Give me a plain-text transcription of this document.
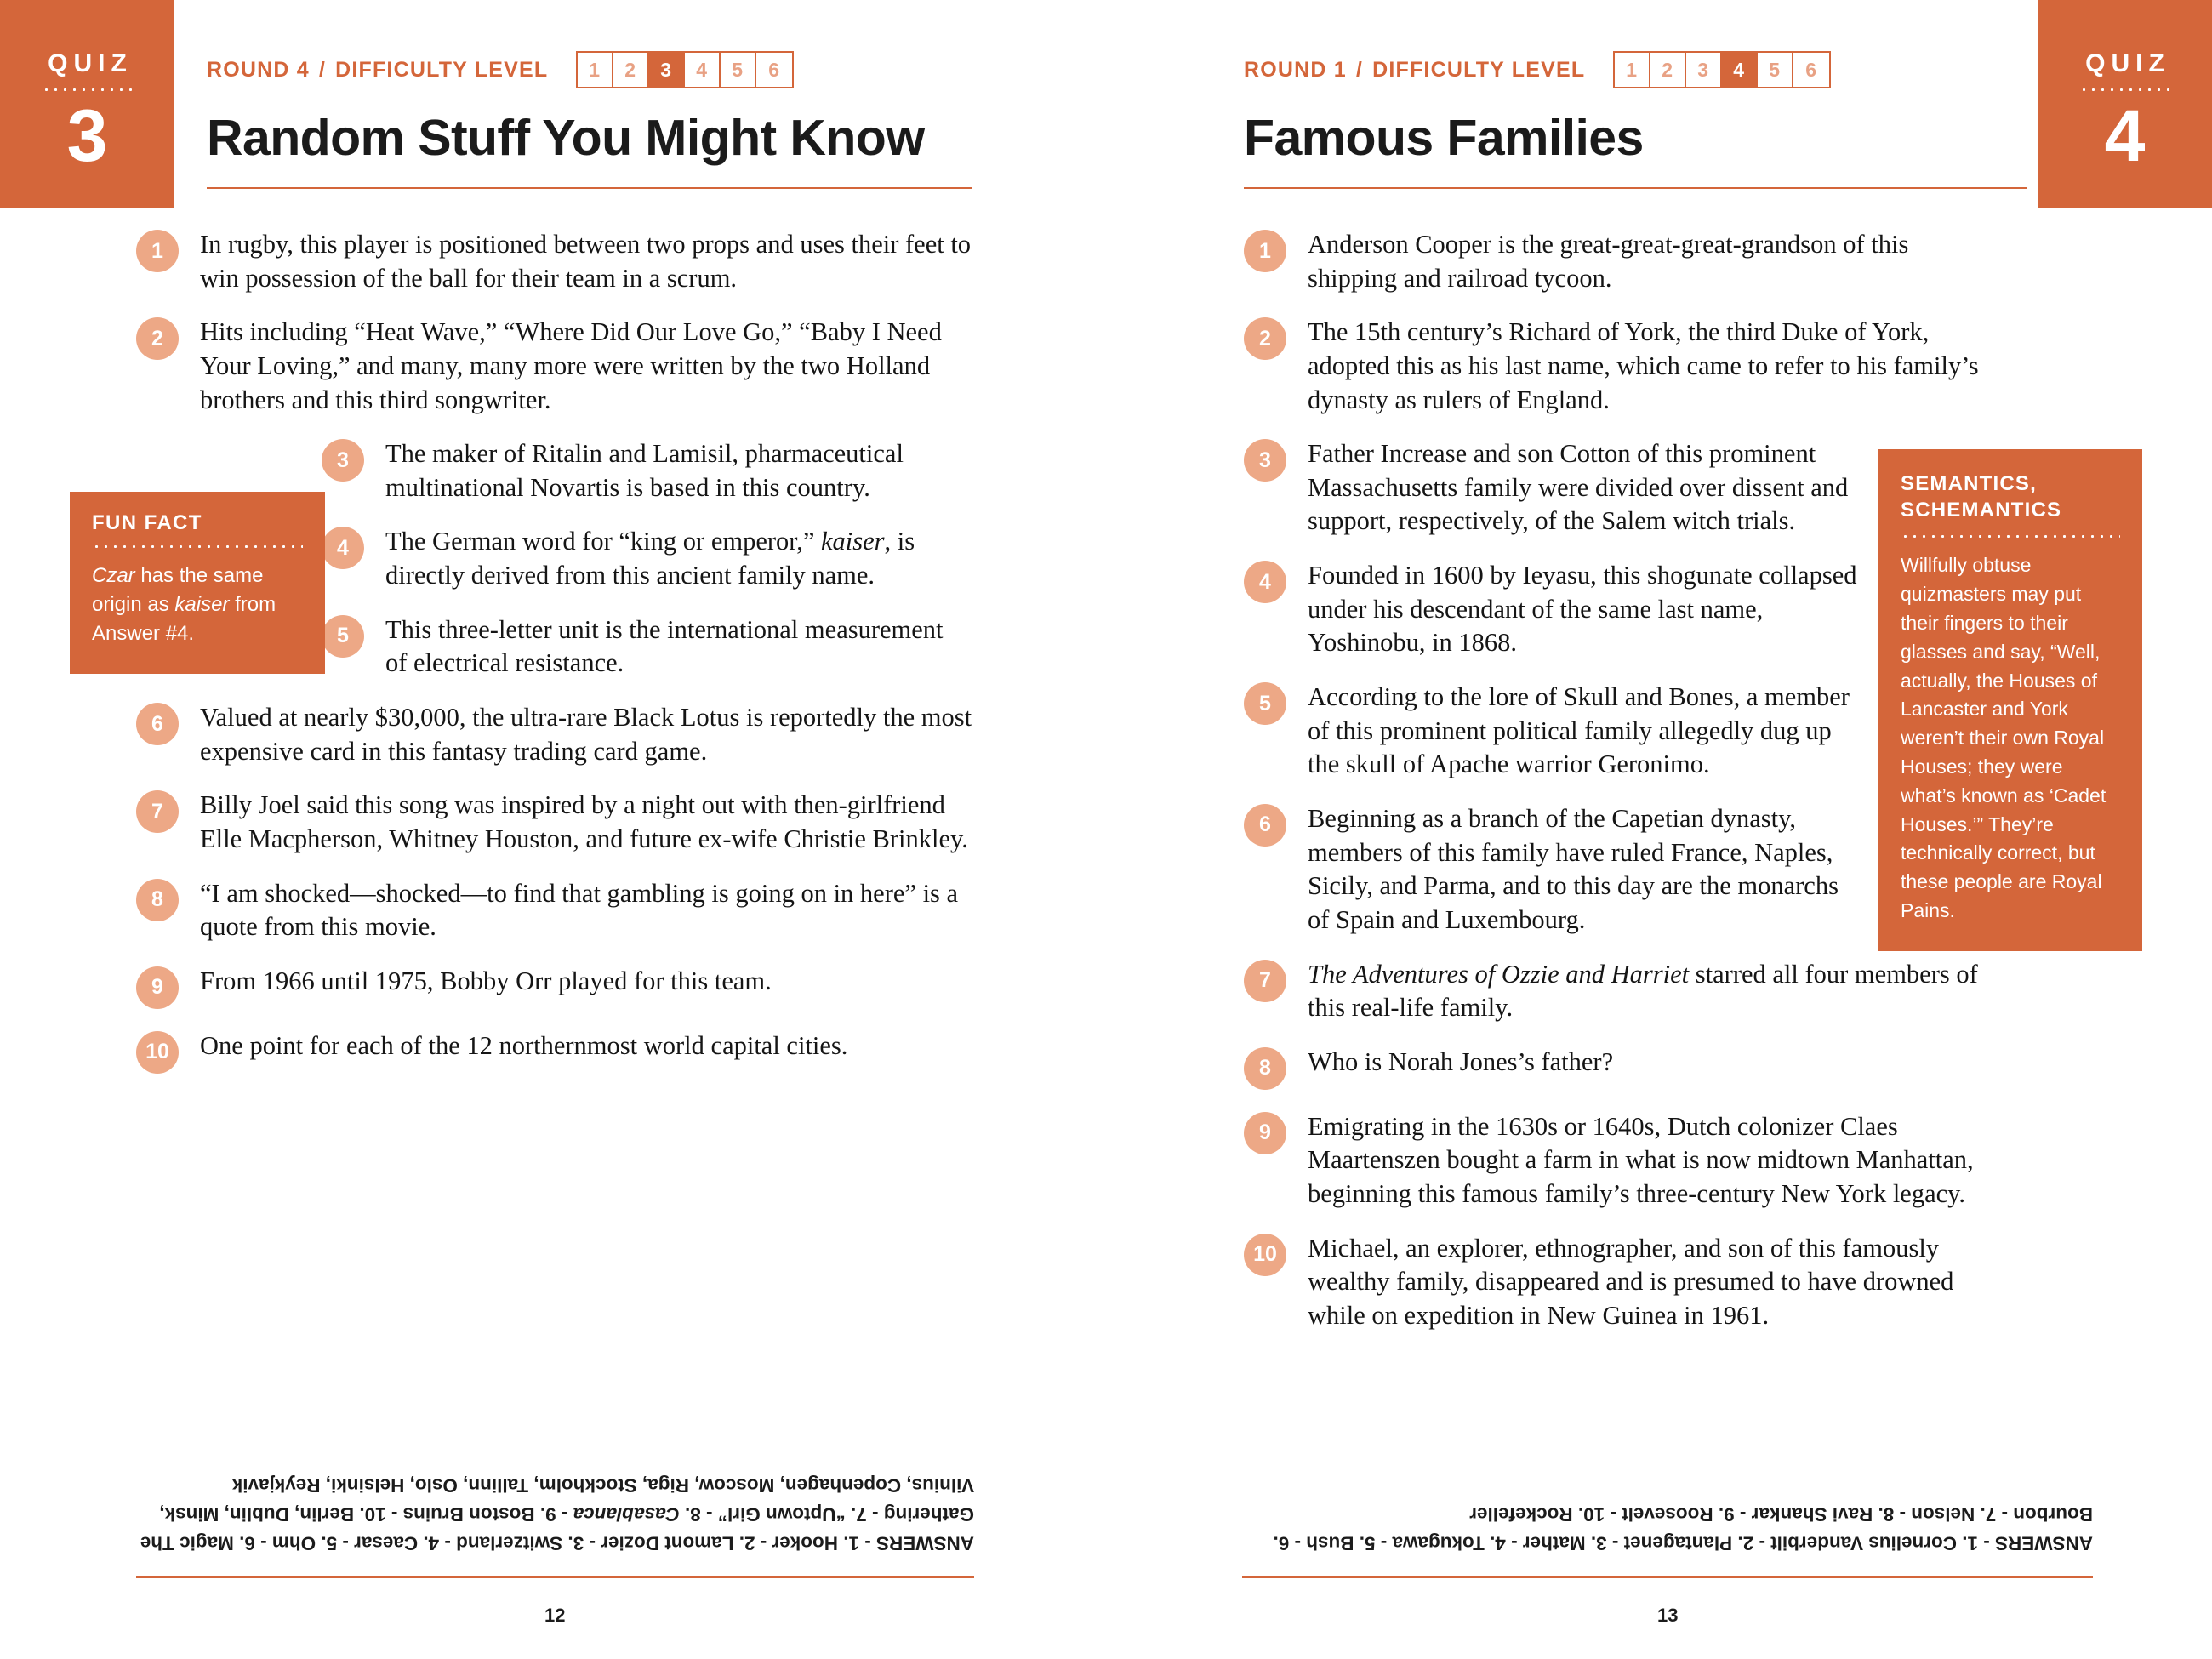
QUIZ
3
ROUND 4 / DIFFICULTY LEVEL	1	2	3	4	5	6
Random Stuff You Might Know
1	In rugby, this player is positioned between two props and uses their feet to win possession of the ball for their team in a scrum.
2	Hits including “Heat Wave,” “Where Did Our Love Go,” “Baby I Need Your Loving,” and many, many more were written by the two Holland brothers and this third songwriter.
3	The maker of Ritalin and Lamisil, pharmaceutical multinational Novartis is based in this country.
4	The German word for “king or emperor,” kaiser, is directly derived from this ancient family name.
5	This three-letter unit is the international measurement of electrical resistance.
6	Valued at nearly $30,000, the ultra-rare Black Lotus is reportedly the most expensive card in this fantasy trading card game.
7	Billy Joel said this song was inspired by a night out with then-girlfriend Elle Macpherson, Whitney Houston, and future ex-wife Christie Brinkley.
8	“I am shocked—shocked—to find that gambling is going on in here” is a quote from this movie.
9	From 1966 until 1975, Bobby Orr played for this team.
10	One point for each of the 12 northernmost world capital cities.
FUN FACT
Czar has the same origin as kaiser from Answer #4.
ANSWERS - 1. Hooker - 2. Lamont Dozier - 3. Switzerland - 4. Caesar - 5. Ohm - 6. Magic The Gathering - 7. “Uptown Girl” - 8. Casablanca - 9. Boston Bruins - 10. Berlin, Dublin, Minsk, Vilnius, Copenhagen, Moscow, Riga, Stockholm, Tallinn, Oslo, Helsinki, Reykjavik
12
QUIZ
4
ROUND 1 / DIFFICULTY LEVEL	1	2	3	4	5	6
Famous Families
1	Anderson Cooper is the great-great-great-grandson of this shipping and railroad tycoon.
2	The 15th century’s Richard of York, the third Duke of York, adopted this as his last name, which came to refer to his family’s dynasty as rulers of England.
3	Father Increase and son Cotton of this prominent Massachusetts family were divided over dissent and support, respectively, of the Salem witch trials.
4	Founded in 1600 by Ieyasu, this shogunate collapsed under his descendant of the same last name, Yoshinobu, in 1868.
5	According to the lore of Skull and Bones, a member of this prominent political family allegedly dug up the skull of Apache warrior Geronimo.
6	Beginning as a branch of the Capetian dynasty, members of this family have ruled France, Naples, Sicily, and Parma, and to this day are the monarchs of Spain and Luxembourg.
7	The Adventures of Ozzie and Harriet starred all four members of this real-life family.
8	Who is Norah Jones’s father?
9	Emigrating in the 1630s or 1640s, Dutch colonizer Claes Maartenszen bought a farm in what is now midtown Manhattan, beginning this famous family’s three-century New York legacy.
10	Michael, an explorer, ethnographer, and son of this famously wealthy family, disappeared and is presumed to have drowned while on expedition in New Guinea in 1961.
SEMANTICS, SCHEMANTICS
Willfully obtuse quizmasters may put their fingers to their glasses and say, “Well, actually, the Houses of Lancaster and York weren’t their own Royal Houses; they were what’s known as ‘Cadet Houses.’” They’re technically correct, but these people are Royal Pains.
ANSWERS - 1. Cornelius Vanderbilt - 2. Plantagenet - 3. Mather - 4. Tokugawa - 5. Bush - 6. Bourbon - 7. Nelson - 8. Ravi Shankar - 9. Roosevelt - 10. Rockefeller
13
